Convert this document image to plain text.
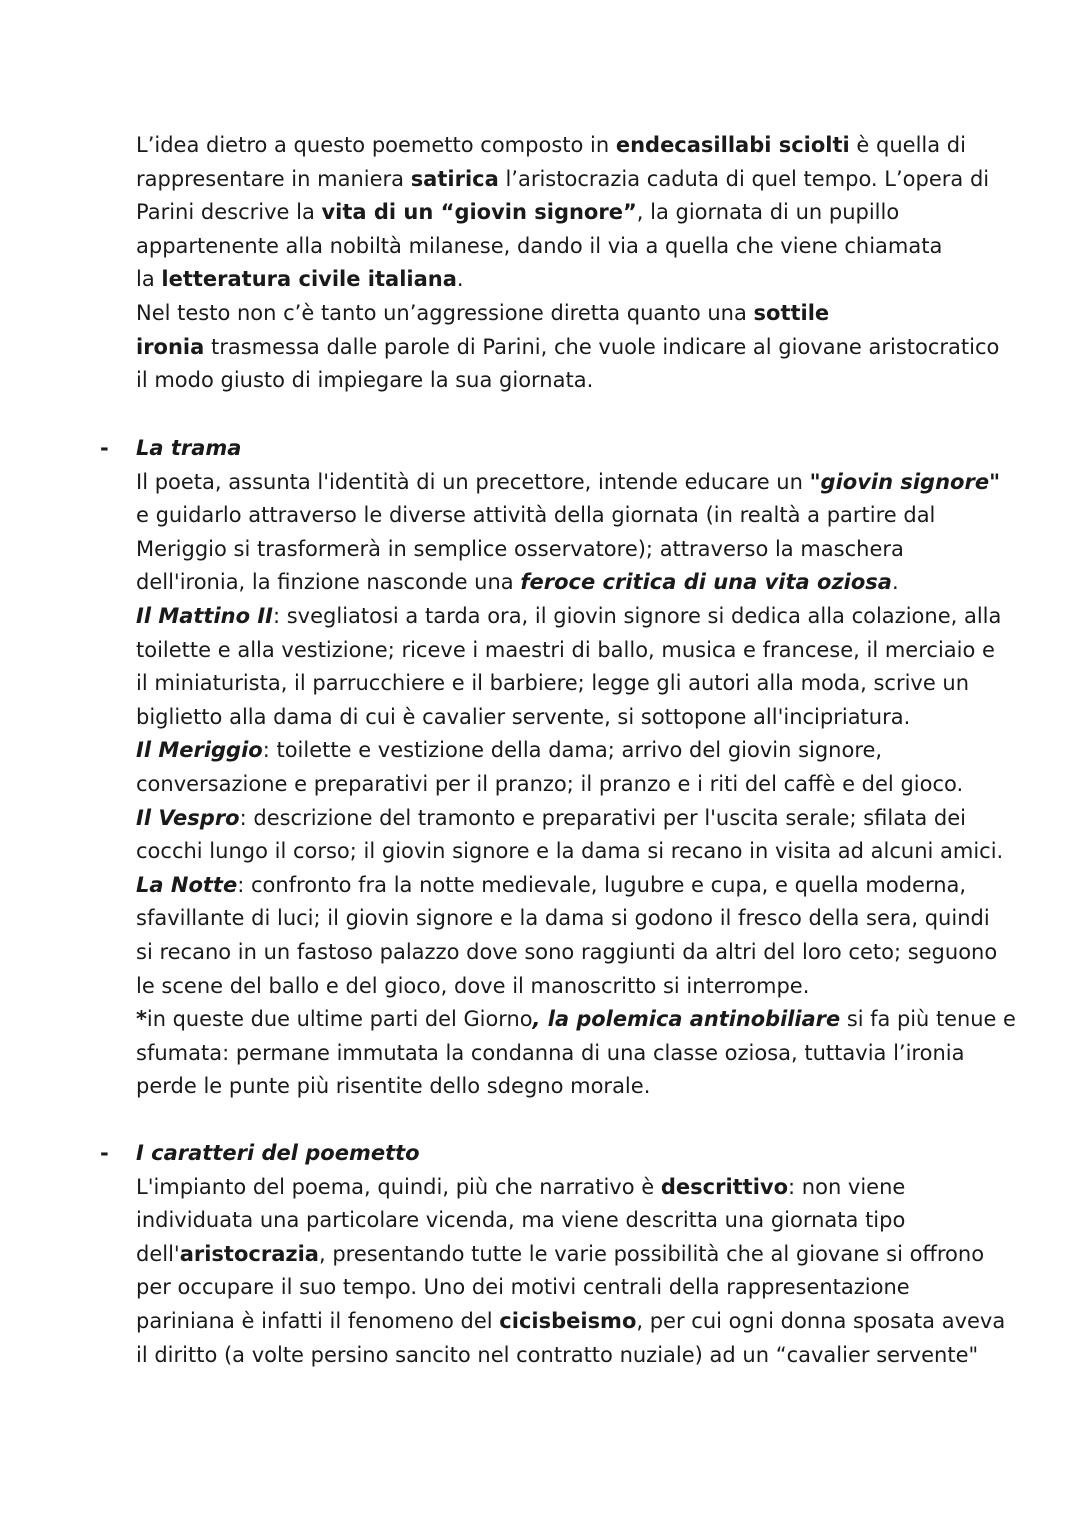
L’idea dietro a questo poemetto composto in endecasillabi sciolti è quella di
rappresentare in maniera satirica l’aristocrazia caduta di quel tempo. L’opera di
Parini descrive la vita di un “giovin signore”, la giornata di un pupillo
appartenente alla nobiltà milanese, dando il via a quella che viene chiamata
la letteratura civile italiana.
Nel testo non c’è tanto un’aggressione diretta quanto una sottile
ironia trasmessa dalle parole di Parini, che vuole indicare al giovane aristocratico
il modo giusto di impiegare la sua giornata.
- La trama
Il poeta, assunta l'identità di un precettore, intende educare un "giovin signore"
e guidarlo attraverso le diverse attività della giornata (in realtà a partire dal
Meriggio si trasformerà in semplice osservatore); attraverso la maschera
dell'ironia, la finzione nasconde una feroce critica di una vita oziosa.
Il Mattino II: svegliatosi a tarda ora, il giovin signore si dedica alla colazione, alla
toilette e alla vestizione; riceve i maestri di ballo, musica e francese, il merciaio e
il miniaturista, il parrucchiere e il barbiere; legge gli autori alla moda, scrive un
biglietto alla dama di cui è cavalier servente, si sottopone all'incipriatura.
Il Meriggio: toilette e vestizione della dama; arrivo del giovin signore,
conversazione e preparativi per il pranzo; il pranzo e i riti del caffè e del gioco.
Il Vespro: descrizione del tramonto e preparativi per l'uscita serale; sfilata dei
cocchi lungo il corso; il giovin signore e la dama si recano in visita ad alcuni amici.
La Notte: confronto fra la notte medievale, lugubre e cupa, e quella moderna,
sfavillante di luci; il giovin signore e la dama si godono il fresco della sera, quindi
si recano in un fastoso palazzo dove sono raggiunti da altri del loro ceto; seguono
le scene del ballo e del gioco, dove il manoscritto si interrompe.
*in queste due ultime parti del Giorno, la polemica antinobiliare si fa più tenue e
sfumata: permane immutata la condanna di una classe oziosa, tuttavia l’ironia
perde le punte più risentite dello sdegno morale.
- I caratteri del poemetto
L'impianto del poema, quindi, più che narrativo è descrittivo: non viene
individuata una particolare vicenda, ma viene descritta una giornata tipo
dell'aristocrazia, presentando tutte le varie possibilità che al giovane si offrono
per occupare il suo tempo. Uno dei motivi centrali della rappresentazione
pariniana è infatti il fenomeno del cicisbeismo, per cui ogni donna sposata aveva
il diritto (a volte persino sancito nel contratto nuziale) ad un “cavalier servente"
